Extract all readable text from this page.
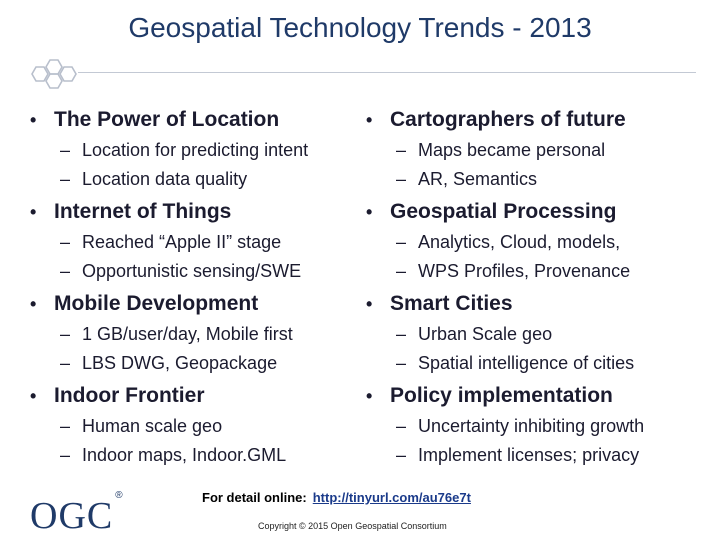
Geospatial Technology Trends - 2013
• The Power of Location
– Location for predicting intent
– Location data quality
• Internet of Things
– Reached “Apple II” stage
– Opportunistic sensing/SWE
• Mobile Development
– 1 GB/user/day, Mobile first
– LBS DWG, Geopackage
• Indoor Frontier
– Human scale geo
– Indoor maps, Indoor.GML
• Cartographers of future
– Maps became personal
– AR, Semantics
• Geospatial Processing
– Analytics, Cloud, models,
– WPS Profiles, Provenance
• Smart Cities
– Urban Scale geo
– Spatial intelligence of cities
• Policy implementation
– Uncertainty inhibiting growth
– Implement licenses; privacy
OGC ®	For detail online: http://tinyurl.com/au76e7t
Copyright © 2015 Open Geospatial Consortium
